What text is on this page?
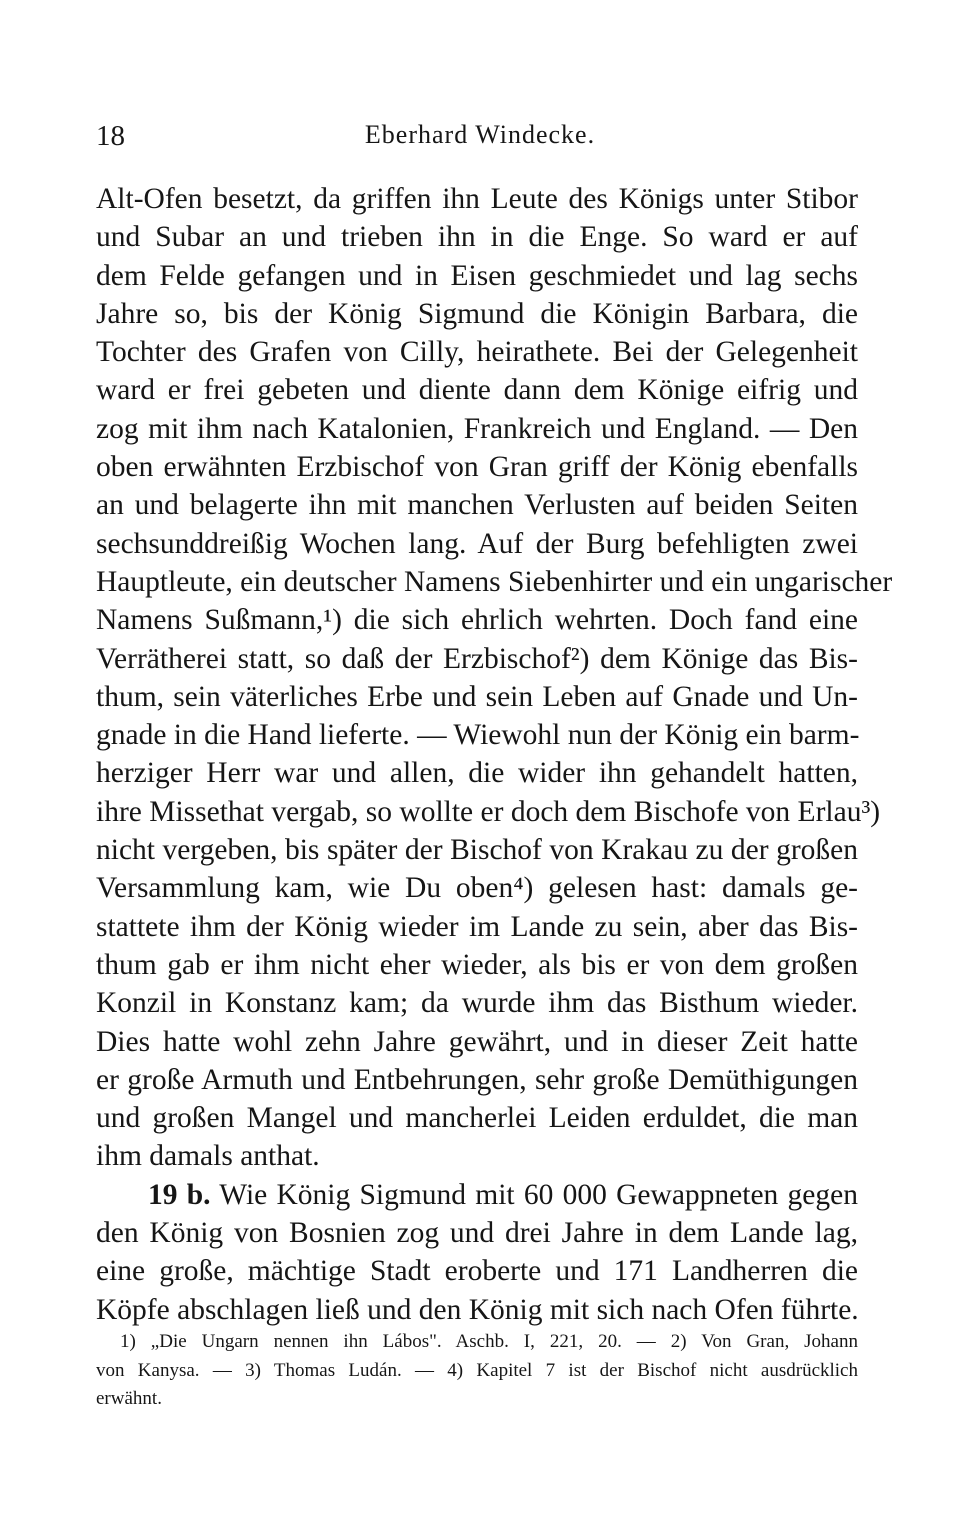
18	Eberhard Windecke.
Alt-Ofen besetzt, da griffen ihn Leute des Königs unter Stibor
und Subar an und trieben ihn in die Enge. So ward er auf
dem Felde gefangen und in Eisen geschmiedet und lag sechs
Jahre so, bis der König Sigmund die Königin Barbara, die
Tochter des Grafen von Cilly, heirathete. Bei der Gelegenheit
ward er frei gebeten und diente dann dem Könige eifrig und
zog mit ihm nach Katalonien, Frankreich und England. — Den
oben erwähnten Erzbischof von Gran griff der König ebenfalls
an und belagerte ihn mit manchen Verlusten auf beiden Seiten
sechsunddreißig Wochen lang. Auf der Burg befehligten zwei
Hauptleute, ein deutscher Namens Siebenhirter und ein ungarischer
Namens Sußmann,¹) die sich ehrlich wehrten. Doch fand eine
Verrätherei statt, so daß der Erzbischof²) dem Könige das Bis-
thum, sein väterliches Erbe und sein Leben auf Gnade und Un-
gnade in die Hand lieferte. — Wiewohl nun der König ein barm-
herziger Herr war und allen, die wider ihn gehandelt hatten,
ihre Missethat vergab, so wollte er doch dem Bischofe von Erlau³)
nicht vergeben, bis später der Bischof von Krakau zu der großen
Versammlung kam, wie Du oben⁴) gelesen hast: damals ge-
stattete ihm der König wieder im Lande zu sein, aber das Bis-
thum gab er ihm nicht eher wieder, als bis er von dem großen
Konzil in Konstanz kam; da wurde ihm das Bisthum wieder.
Dies hatte wohl zehn Jahre gewährt, und in dieser Zeit hatte
er große Armuth und Entbehrungen, sehr große Demüthigungen
und großen Mangel und mancherlei Leiden erduldet, die man
ihm damals anthat.
19 b. Wie König Sigmund mit 60 000 Gewappneten gegen
den König von Bosnien zog und drei Jahre in dem Lande lag,
eine große, mächtige Stadt eroberte und 171 Landherren die
Köpfe abschlagen ließ und den König mit sich nach Ofen führte.
1) „Die Ungarn nennen ihn Lábos". Aschb. I, 221, 20. — 2) Von Gran, Johann
von Kanysa. — 3) Thomas Ludán. — 4) Kapitel 7 ist der Bischof nicht ausdrücklich
erwähnt.
